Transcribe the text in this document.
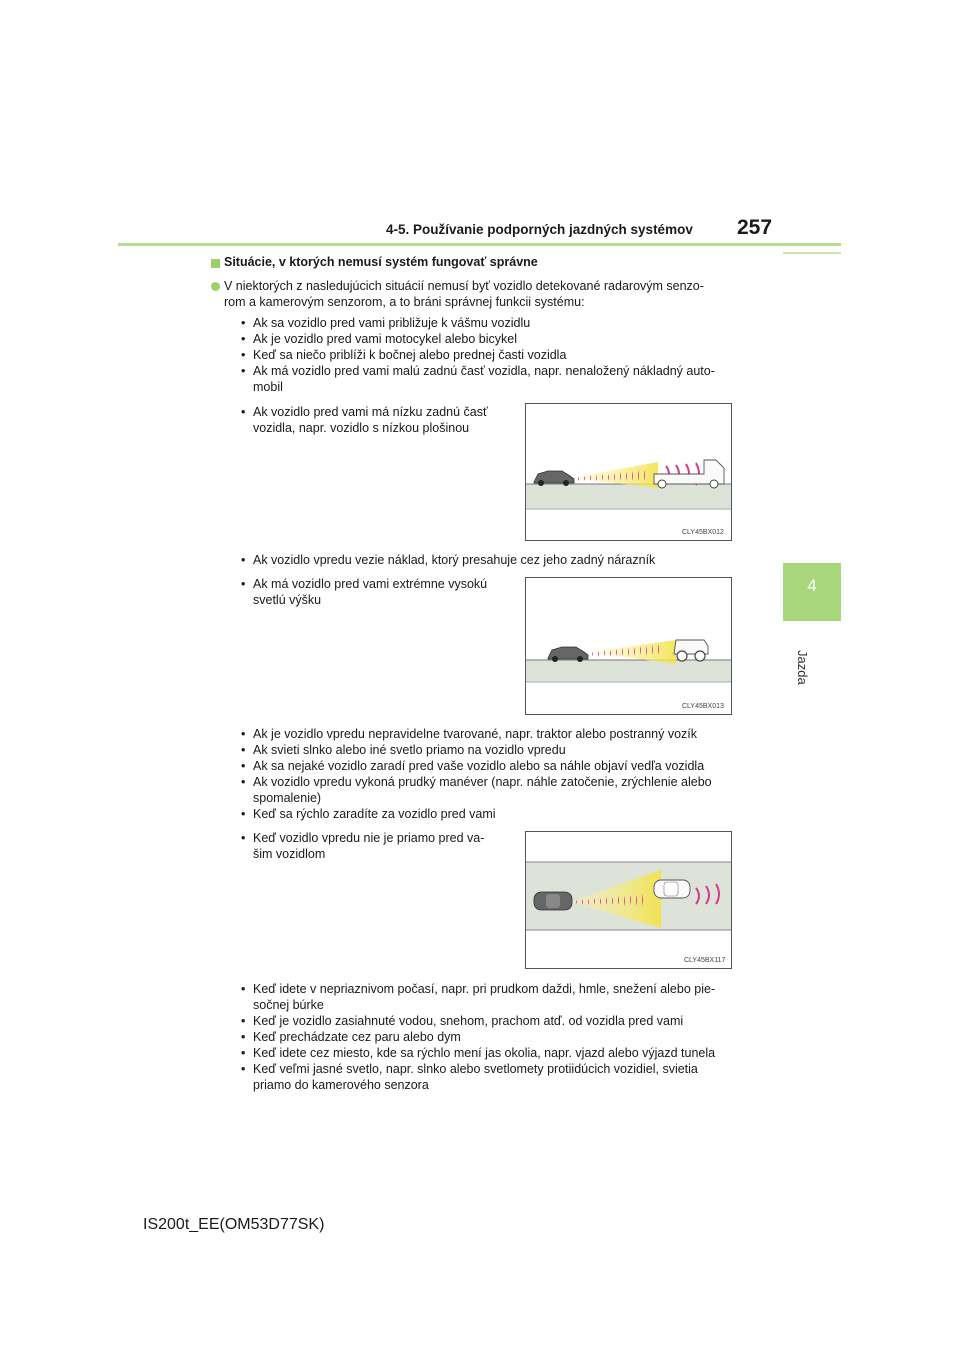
4-5. Používanie podporných jazdných systémov 257
4
Jazda
Situácie, v ktorých nemusí systém fungovať správne
V niektorých z nasledujúcich situácií nemusí byť vozidlo detekované radarovým senzo-
rom a kamerovým senzorom, a to bráni správnej funkcii systému:
• Ak sa vozidlo pred vami približuje k vášmu vozidlu
• Ak je vozidlo pred vami motocykel alebo bicykel
• Keď sa niečo priblíži k bočnej alebo prednej časti vozidla
• Ak má vozidlo pred vami malú zadnú časť vozidla, napr. nenaložený nákladný auto-
mobil
• Ak vozidlo pred vami má nízku zadnú časť
vozidla, napr. vozidlo s nízkou plošinou
CLY45BX012
• Ak vozidlo vpredu vezie náklad, ktorý presahuje cez jeho zadný nárazník
• Ak má vozidlo pred vami extrémne vysokú
svetlú výšku
CLY45BX013
• Ak je vozidlo vpredu nepravidelne tvarované, napr. traktor alebo postranný vozík
• Ak svieti slnko alebo iné svetlo priamo na vozidlo vpredu
• Ak sa nejaké vozidlo zaradí pred vaše vozidlo alebo sa náhle objaví vedľa vozidla
• Ak vozidlo vpredu vykoná prudký manéver (napr. náhle zatočenie, zrýchlenie alebo
spomalenie)
• Keď sa rýchlo zaradíte za vozidlo pred vami
• Keď vozidlo vpredu nie je priamo pred va-
šim vozidlom
CLY45BX117
• Keď idete v nepriaznivom počasí, napr. pri prudkom daždi, hmle, snežení alebo pie-
sočnej búrke
• Keď je vozidlo zasiahnuté vodou, snehom, prachom atď. od vozidla pred vami
• Keď prechádzate cez paru alebo dym
• Keď idete cez miesto, kde sa rýchlo mení jas okolia, napr. vjazd alebo výjazd tunela
• Keď veľmi jasné svetlo, napr. slnko alebo svetlomety protiidúcich vozidiel, svietia
priamo do kamerového senzora
IS200t_EE(OM53D77SK)
